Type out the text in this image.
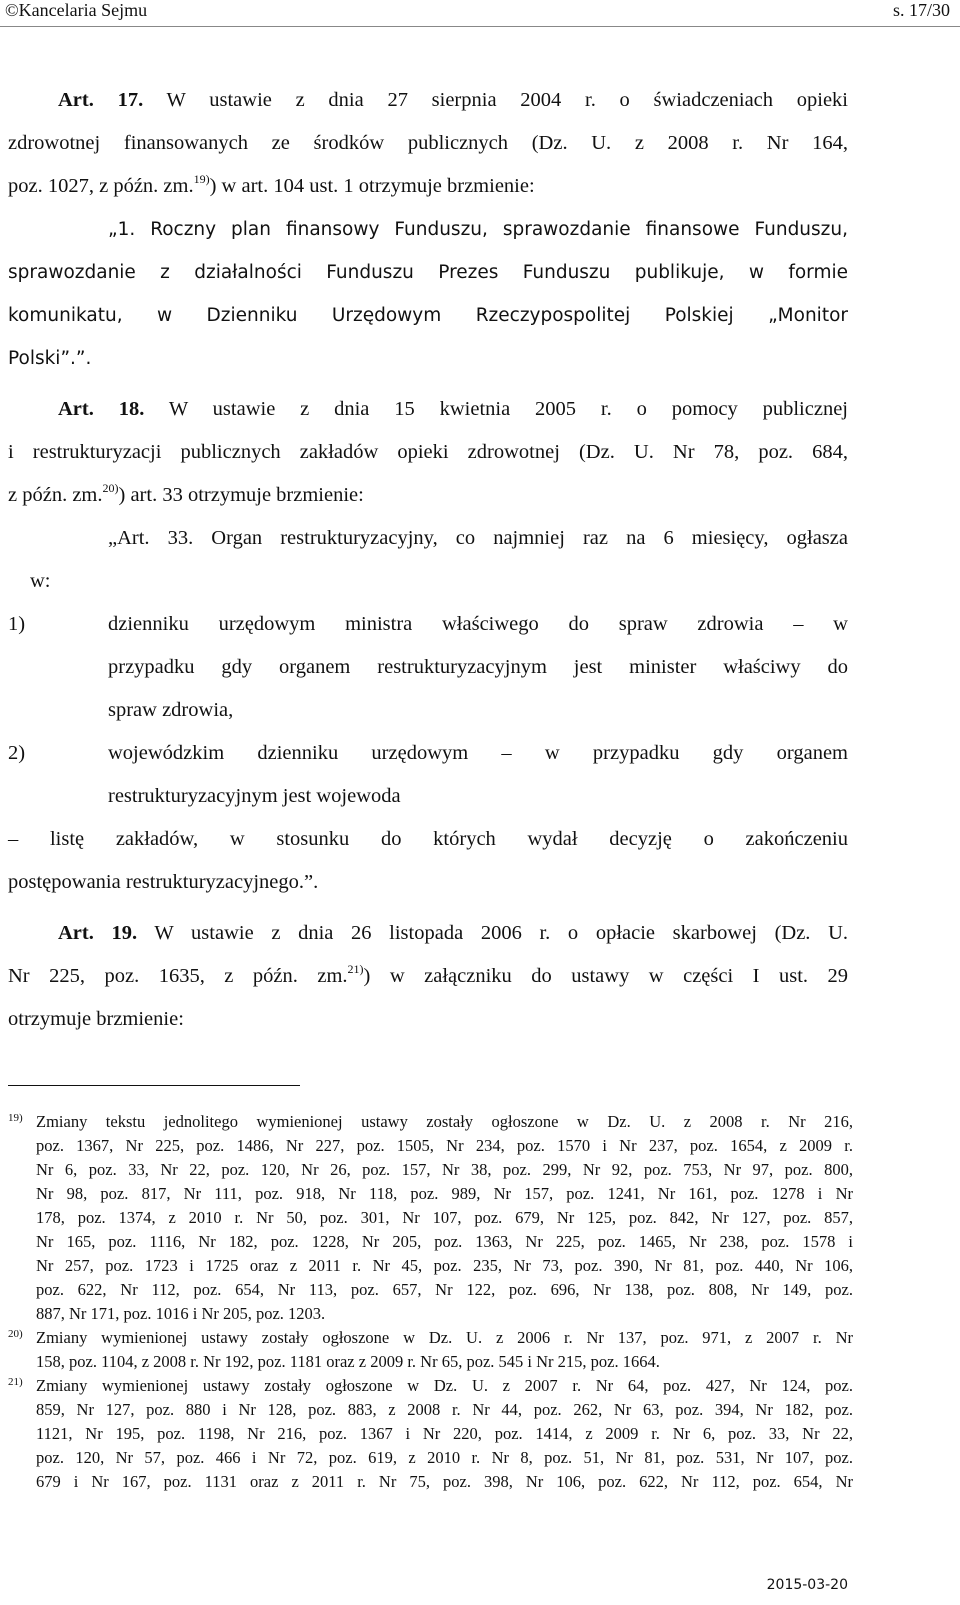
©Kancelaria Sejmu	s. 17/30
Art. 17. W ustawie z dnia 27 sierpnia 2004 r. o świadczeniach opieki
zdrowotnej finansowanych ze środków publicznych (Dz. U. z 2008 r. Nr 164,
poz. 1027, z późn. zm.$^{19)}$) w art. 104 ust. 1 otrzymuje brzmienie:
„1. Roczny plan finansowy Funduszu, sprawozdanie finansowe Funduszu,
sprawozdanie z działalności Funduszu Prezes Funduszu publikuje, w formie
komunikatu, w Dzienniku Urzędowym Rzeczypospolitej Polskiej „Monitor
Polski”.”.
Art. 18. W ustawie z dnia 15 kwietnia 2005 r. o pomocy publicznej
i restrukturyzacji publicznych zakładów opieki zdrowotnej (Dz. U. Nr 78, poz. 684,
z późn. zm.$^{20)}$) art. 33 otrzymuje brzmienie:
„Art. 33. Organ restrukturyzacyjny, co najmniej raz na 6 miesięcy, ogłasza
w:
1)	dzienniku urzędowym ministra właściwego do spraw zdrowia – w
przypadku gdy organem restrukturyzacyjnym jest minister właściwy do
spraw zdrowia,
2)	wojewódzkim dzienniku urzędowym – w przypadku gdy organem
restrukturyzacyjnym jest wojewoda
– listę zakładów, w stosunku do których wydał decyzję o zakończeniu
postępowania restrukturyzacyjnego.”.
Art. 19. W ustawie z dnia 26 listopada 2006 r. o opłacie skarbowej (Dz. U.
Nr 225, poz. 1635, z późn. zm.$^{21)}$) w załączniku do ustawy w części I ust. 29
otrzymuje brzmienie:
19) Zmiany tekstu jednolitego wymienionej ustawy zostały ogłoszone w Dz. U. z 2008 r. Nr 216,
poz. 1367, Nr 225, poz. 1486, Nr 227, poz. 1505, Nr 234, poz. 1570 i Nr 237, poz. 1654, z 2009 r.
Nr 6, poz. 33, Nr 22, poz. 120, Nr 26, poz. 157, Nr 38, poz. 299, Nr 92, poz. 753, Nr 97, poz. 800,
Nr 98, poz. 817, Nr 111, poz. 918, Nr 118, poz. 989, Nr 157, poz. 1241, Nr 161, poz. 1278 i Nr
178, poz. 1374, z 2010 r. Nr 50, poz. 301, Nr 107, poz. 679, Nr 125, poz. 842, Nr 127, poz. 857,
Nr 165, poz. 1116, Nr 182, poz. 1228, Nr 205, poz. 1363, Nr 225, poz. 1465, Nr 238, poz. 1578 i
Nr 257, poz. 1723 i 1725 oraz z 2011 r. Nr 45, poz. 235, Nr 73, poz. 390, Nr 81, poz. 440, Nr 106,
poz. 622, Nr 112, poz. 654, Nr 113, poz. 657, Nr 122, poz. 696, Nr 138, poz. 808, Nr 149, poz.
887, Nr 171, poz. 1016 i Nr 205, poz. 1203.
20) Zmiany wymienionej ustawy zostały ogłoszone w Dz. U. z 2006 r. Nr 137, poz. 971, z 2007 r. Nr
158, poz. 1104, z 2008 r. Nr 192, poz. 1181 oraz z 2009 r. Nr 65, poz. 545 i Nr 215, poz. 1664.
21) Zmiany wymienionej ustawy zostały ogłoszone w Dz. U. z 2007 r. Nr 64, poz. 427, Nr 124, poz.
859, Nr 127, poz. 880 i Nr 128, poz. 883, z 2008 r. Nr 44, poz. 262, Nr 63, poz. 394, Nr 182, poz.
1121, Nr 195, poz. 1198, Nr 216, poz. 1367 i Nr 220, poz. 1414, z 2009 r. Nr 6, poz. 33, Nr 22,
poz. 120, Nr 57, poz. 466 i Nr 72, poz. 619, z 2010 r. Nr 8, poz. 51, Nr 81, poz. 531, Nr 107, poz.
679 i Nr 167, poz. 1131 oraz z 2011 r. Nr 75, poz. 398, Nr 106, poz. 622, Nr 112, poz. 654, Nr
2015-03-20
